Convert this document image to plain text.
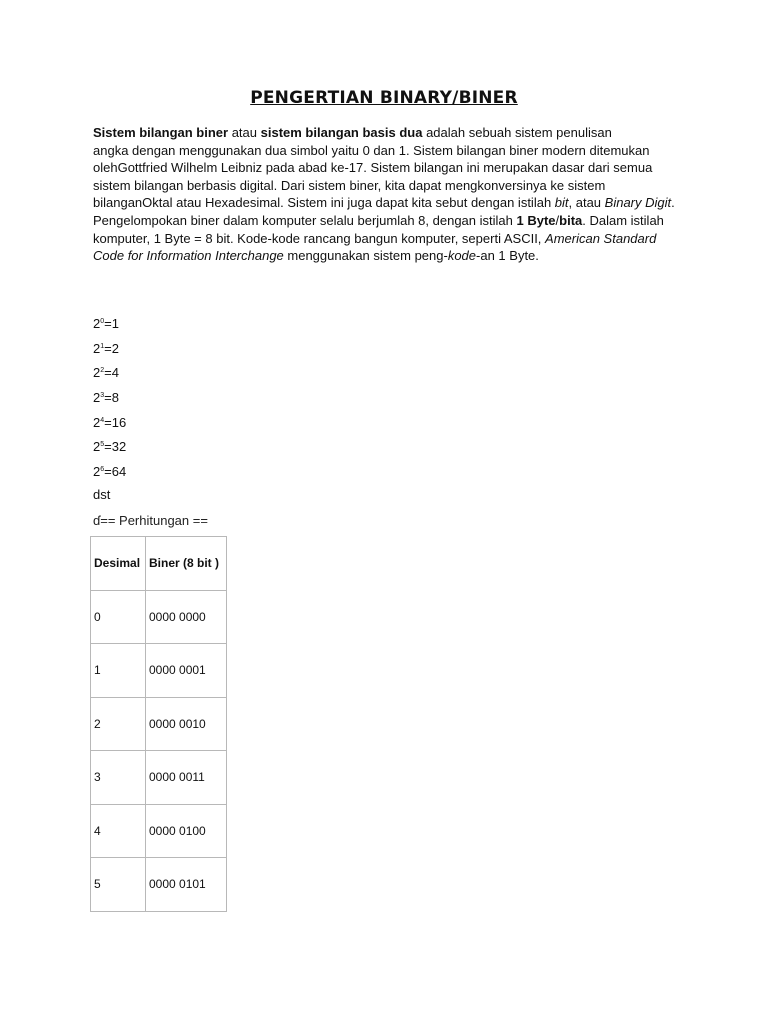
PENGERTIAN BINARY/BINER

Sistem bilangan biner atau sistem bilangan basis dua adalah sebuah sistem penulisan

angka dengan menggunakan dua simbol yaitu 0 dan 1. Sistem bilangan biner modern ditemukan

olehGottfried Wilhelm Leibniz pada abad ke-17. Sistem bilangan ini merupakan dasar dari semua

sistem bilangan berbasis digital. Dari sistem biner, kita dapat mengkonversinya ke sistem

bilanganOktal atau Hexadesimal. Sistem ini juga dapat kita sebut dengan istilah bit, atau Binary Digit.

Pengelompokan biner dalam komputer selalu berjumlah 8, dengan istilah 1 Byte/bita. Dalam istilah

komputer, 1 Byte = 8 bit. Kode-kode rancang bangun komputer, seperti ASCII, American Standard

Code for Information Interchange menggunakan sistem peng-kode-an 1 Byte.

$2^0=1$
$2^1=2$
$2^2=4$
$2^3=8$
$2^4=16$
$2^5=32$
$2^6=64$
dst
ɗ== Perhitungan ==
Desimal	Biner (8 bit )
0	0000 0000
1	0000 0001
2	0000 0010
3	0000 0011
4	0000 0100
5	0000 0101
